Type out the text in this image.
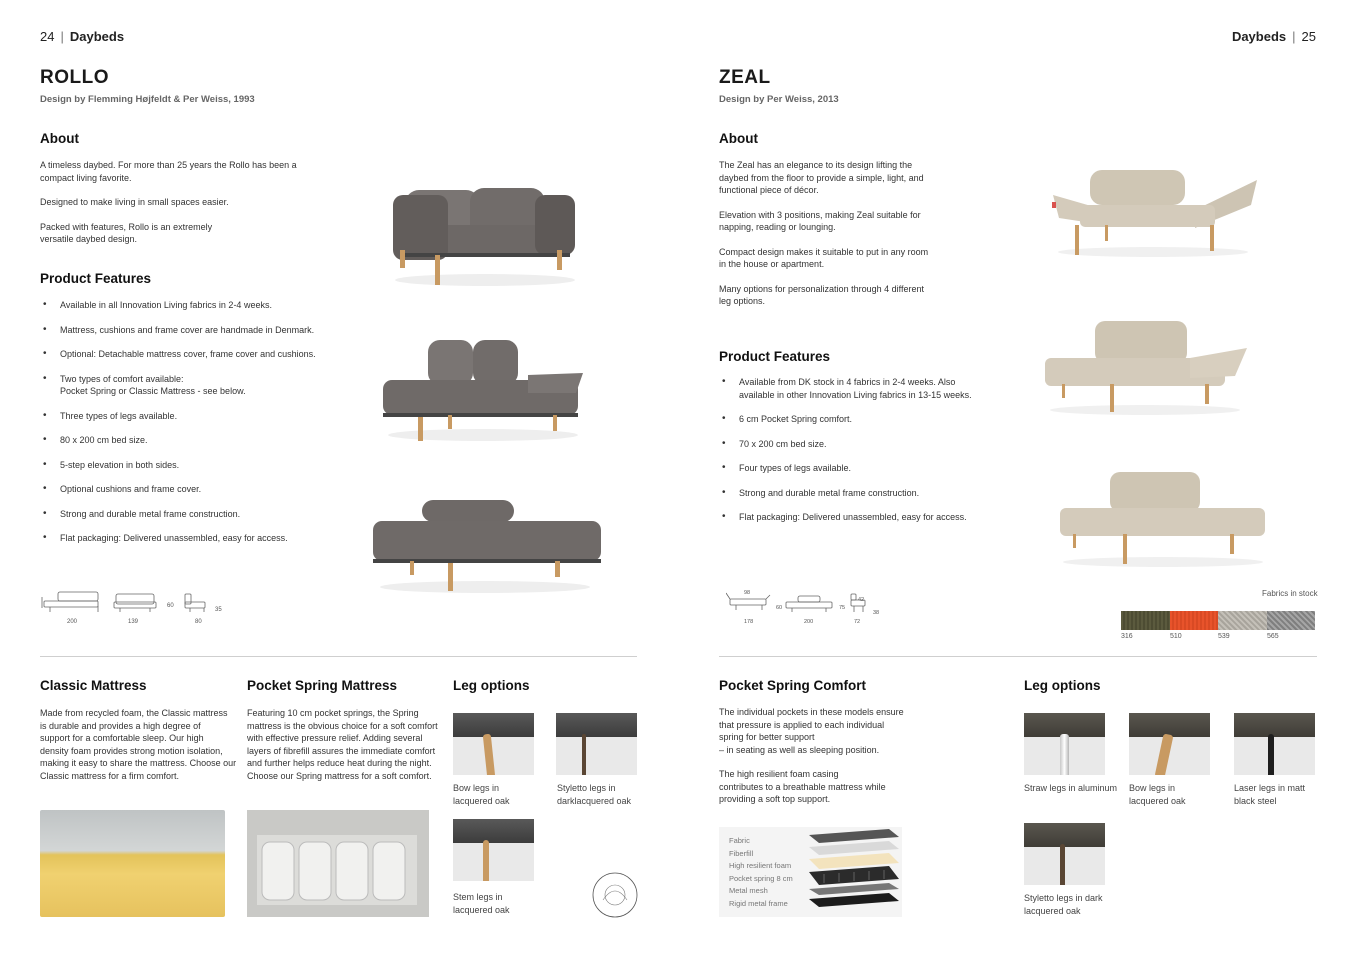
24 | Daybeds
ROLLO
Design by Flemming Højfeldt & Per Weiss, 1993
About

A timeless daybed. For more than 25 years the Rollo has been a
compact living favorite.

Designed to make living in small spaces easier.

Packed with features, Rollo is an extremely
versatile daybed design.

Product Features
• Available in all Innovation Living fabrics in 2-4 weeks.
• Mattress, cushions and frame cover are handmade in Denmark.
• Optional: Detachable mattress cover, frame cover and cushions.
• Two types of comfort available:
Pocket Spring or Classic Mattress - see below.
• Three types of legs available.
• 80 x 200 cm bed size.
• 5-step elevation in both sides.
• Optional cushions and frame cover.
• Strong and durable metal frame construction.
• Flat packaging: Delivered unassembled, easy for access.
200	139
60
80
35
Classic Mattress
Made from recycled foam, the Classic mattress
is durable and provides a high degree of
support for a comfortable sleep. Our high
density foam provides strong motion isolation,
making it easy to share the mattress. Choose our
Classic mattress for a firm comfort.
Pocket Spring Mattress
Featuring 10 cm pocket springs, the Spring
mattress is the obvious choice for a soft comfort
with effective pressure relief. Adding several
layers of fibrefill assures the immediate comfort
and further helps reduce heat during the night.
Choose our Spring mattress for a soft comfort.
Leg options
Bow legs in
lacquered oak
Styletto legs in
darklacquered oak
Stem legs in
lacquered oak
Daybeds | 25
ZEAL
Design by Per Weiss, 2013
About

The Zeal has an elegance to its design lifting the
daybed from the floor to provide a simple, light, and
functional piece of décor.

Elevation with 3 positions, making Zeal suitable for
napping, reading or lounging.

Compact design makes it suitable to put in any room
in the house or apartment.

Many options for personalization through 4 different
leg options.

Product Features
• Available from DK stock in 4 fabrics in 2-4 weeks. Also
available in other Innovation Living fabrics in 13-15 weeks.
• 6 cm Pocket Spring comfort.
• 70 x 200 cm bed size.
• Four types of legs available.
• Strong and durable metal frame construction.
• Flat packaging: Delivered unassembled, easy for access.
98
60
178	200
75
42
38
72
Fabrics in stock
316	510	539	565
Pocket Spring Comfort
The individual pockets in these models ensure
that pressure is applied to each individual
spring for better support
– in seating as well as sleeping position.
The high resilient foam casing
contributes to a breathable mattress while
providing a soft top support.
Fabric
Fiberfill
High resilient foam
Pocket spring 8 cm
Metal mesh
Rigid metal frame
Leg options
Straw legs in aluminum Bow legs in
lacquered oak
Laser legs in matt
black steel
Styletto legs in dark
lacquered oak
